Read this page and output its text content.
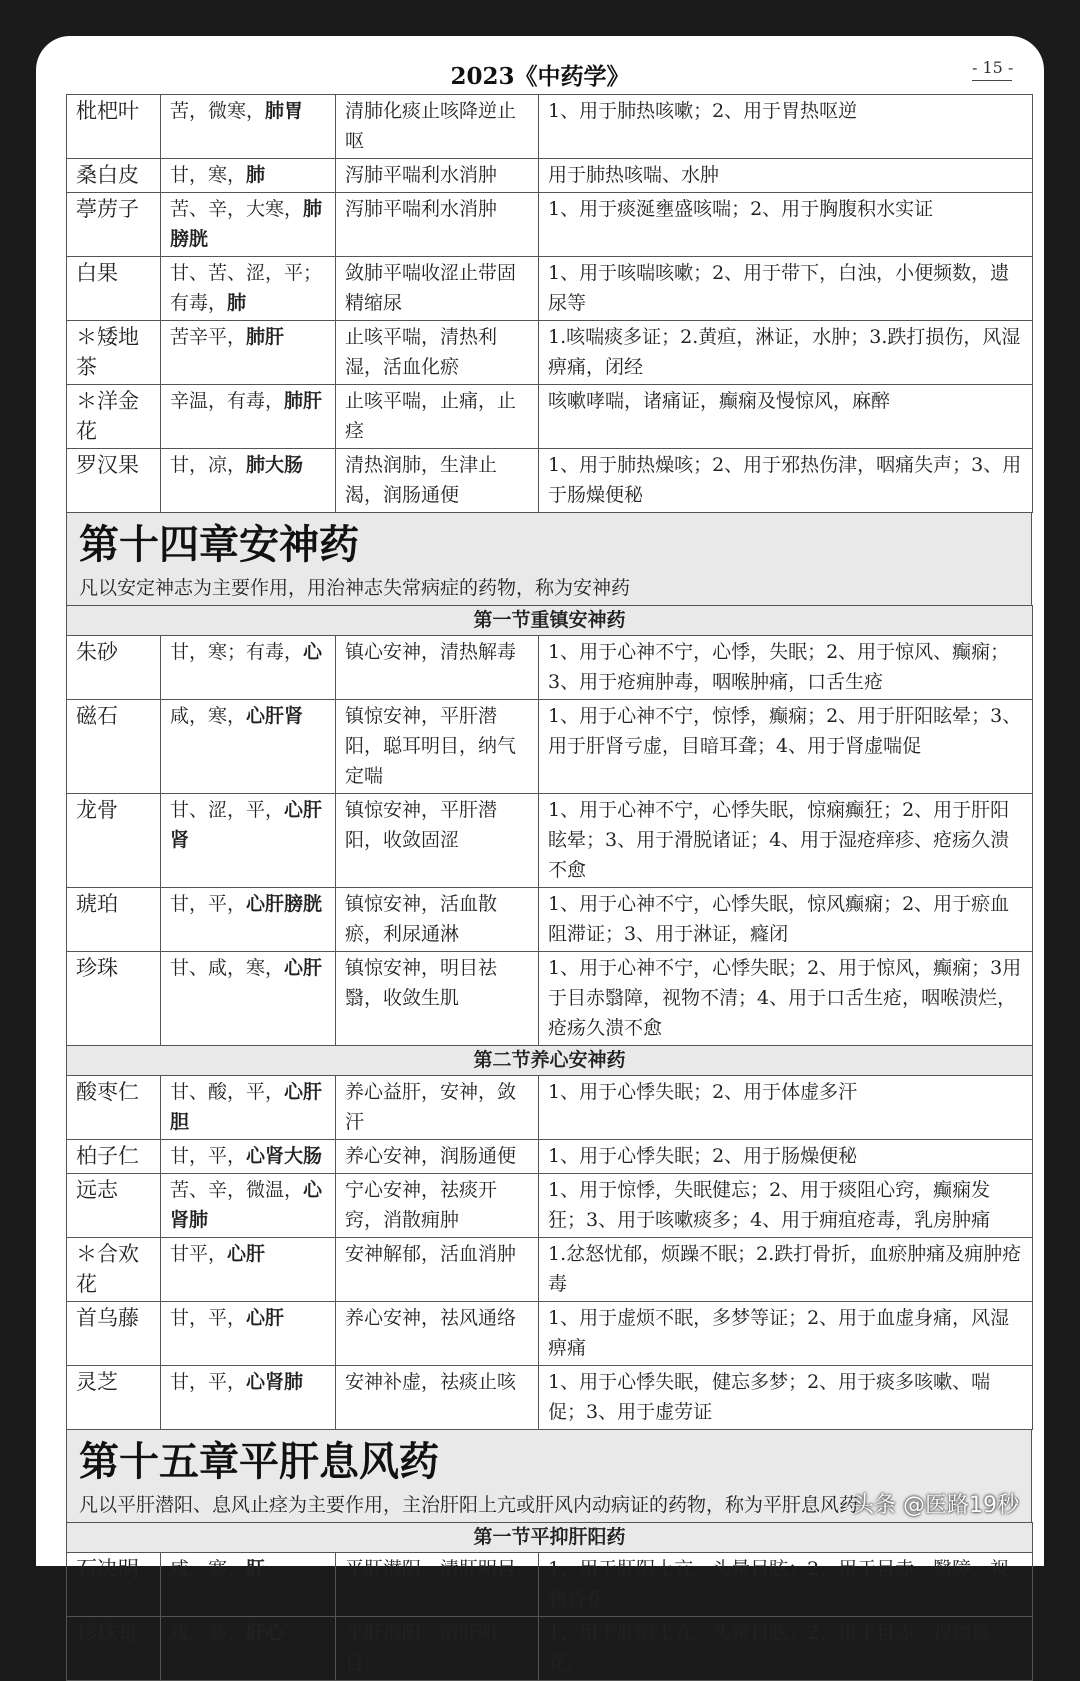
2023《中药学》	- 15 -
枇杷叶	苦，微寒，肺胃	清肺化痰止咳降逆止呕	1、用于肺热咳嗽；2、用于胃热呕逆
桑白皮	甘，寒，肺	泻肺平喘利水消肿	用于肺热咳喘、水肿
葶苈子	苦、辛，大寒，肺膀胱	泻肺平喘利水消肿	1、用于痰涎壅盛咳喘；2、用于胸腹积水实证
白果	甘、苦、涩，平；有毒，肺	敛肺平喘收涩止带固精缩尿	1、用于咳喘咳嗽；2、用于带下，白浊，小便频数，遗尿等
＊矮地茶	苦辛平，肺肝	止咳平喘，清热利湿，活血化瘀	1.咳喘痰多证；2.黄疸，淋证，水肿；3.跌打损伤，风湿痹痛，闭经
＊洋金花	辛温，有毒，肺肝	止咳平喘，止痛，止痉	咳嗽哮喘，诸痛证，癫痫及慢惊风，麻醉
罗汉果	甘，凉，肺大肠	清热润肺，生津止渴，润肠通便	1、用于肺热燥咳；2、用于邪热伤津，咽痛失声；3、用于肠燥便秘
第十四章安神药
凡以安定神志为主要作用，用治神志失常病症的药物，称为安神药
第一节重镇安神药			
朱砂	甘，寒；有毒，心	镇心安神，清热解毒	1、用于心神不宁，心悸，失眠；2、用于惊风、癫痫；3、用于疮痈肿毒，咽喉肿痛，口舌生疮
磁石	咸，寒，心肝肾	镇惊安神，平肝潜阳，聪耳明目，纳气定喘	1、用于心神不宁，惊悸，癫痫；2、用于肝阳眩晕；3、用于肝肾亏虚，目暗耳聋；4、用于肾虚喘促
龙骨	甘、涩，平，心肝肾	镇惊安神，平肝潜阳，收敛固涩	1、用于心神不宁，心悸失眠，惊痫癫狂；2、用于肝阳眩晕；3、用于滑脱诸证；4、用于湿疮痒疹、疮疡久溃不愈
琥珀	甘，平，心肝膀胱	镇惊安神，活血散瘀，利尿通淋	1、用于心神不宁，心悸失眠，惊风癫痫；2、用于瘀血阻滞证；3、用于淋证，癃闭
珍珠	甘、咸，寒，心肝	镇惊安神，明目祛翳，收敛生肌	1、用于心神不宁，心悸失眠；2、用于惊风，癫痫；3用于目赤翳障，视物不清；4、用于口舌生疮，咽喉溃烂，疮疡久溃不愈
第二节养心安神药			
酸枣仁	甘、酸，平，心肝胆	养心益肝，安神，敛汗	1、用于心悸失眠；2、用于体虚多汗
柏子仁	甘，平，心肾大肠	养心安神，润肠通便	1、用于心悸失眠；2、用于肠燥便秘
远志	苦、辛，微温，心肾肺	宁心安神，祛痰开窍，消散痈肿	1、用于惊悸，失眠健忘；2、用于痰阻心窍，癫痫发狂；3、用于咳嗽痰多；4、用于痈疽疮毒，乳房肿痛
＊合欢花	甘平，心肝	安神解郁，活血消肿	1.忿怒忧郁，烦躁不眠；2.跌打骨折，血瘀肿痛及痈肿疮毒
首乌藤	甘，平，心肝	养心安神，祛风通络	1、用于虚烦不眠，多梦等证；2、用于血虚身痛，风湿痹痛
灵芝	甘，平，心肾肺	安神补虚，祛痰止咳	1、用于心悸失眠，健忘多梦；2、用于痰多咳嗽、喘促；3、用于虚劳证
第十五章平肝息风药
凡以平肝潜阳、息风止痉为主要作用，主治肝阳上亢或肝风内动病证的药物，称为平肝息风药
第一节平抑肝阳药			
石决明	咸，寒，肝	平肝潜阳，清肝明目	1、用于肝阳上亢，头晕目眩；2、用于目赤，翳障，视物昏花
珍珠母	咸，寒，肝心	平肝潜阳，清肝明目，	1、用于肝阳上亢，头晕目眩；2、用于目赤，视物昏花，
头条 @医路19秒
